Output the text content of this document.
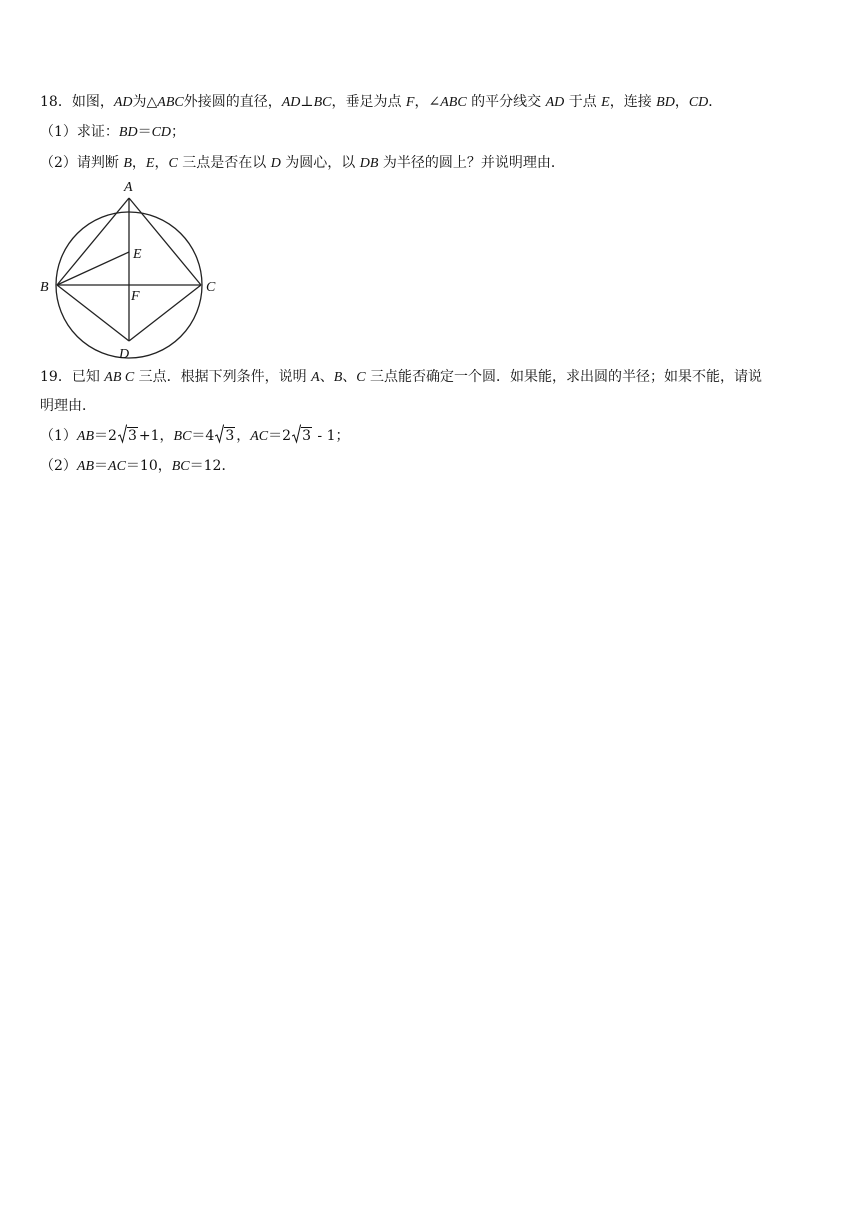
18．如图，AD为△ABC外接圆的直径，AD⊥BC，垂足为点 F，∠ABC 的平分线交 AD 于点 E，连接 BD，CD．
（1）求证：BD＝CD；
（2）请判断 B，E，C 三点是否在以 D 为圆心，以 DB 为半径的圆上？并说明理由．
A
B	C
D
E
F
19．已知 AB C 三点．根据下列条件，说明 A、B、C 三点能否确定一个圆．如果能，求出圆的半径；如果不能，请说
明理由．
（1）AB＝2 3 +1，BC＝4 3 ，AC＝2 3 - 1；
（2）AB＝AC＝10，BC＝12．
